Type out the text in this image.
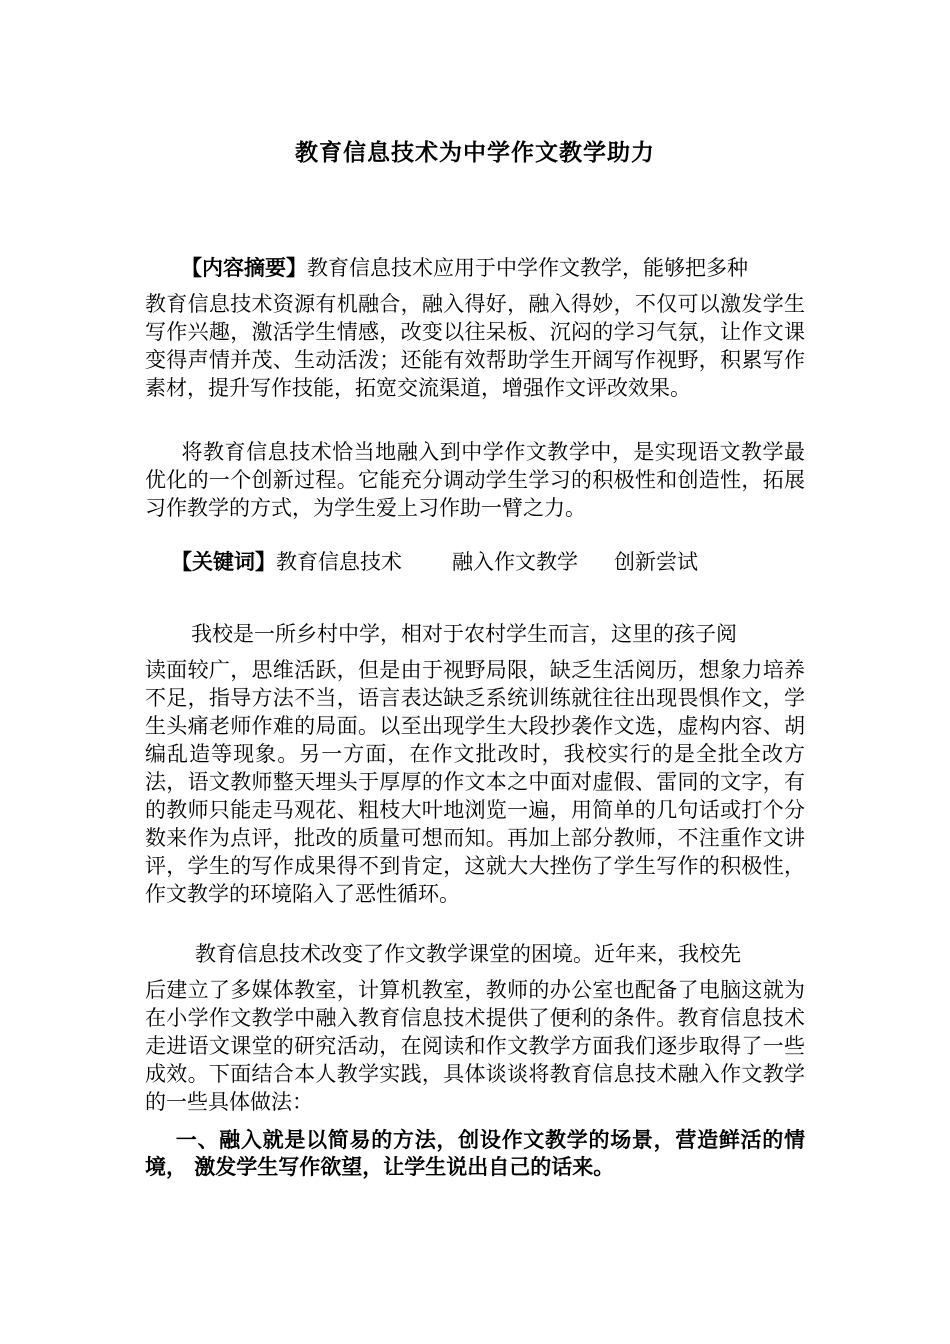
教育信息技术为中学作文教学助力
【内容摘要】教育信息技术应用于中学作文教学，能够把多种
教育信息技术资源有机融合，融入得好，融入得妙，不仅可以激发学生写作兴趣，激活学生情感，改变以往呆板、沉闷的学习气氛，让作文课变得声情并茂、生动活泼；还能有效帮助学生开阔写作视野，积累写作素材，提升写作技能，拓宽交流渠道，增强作文评改效果。
将教育信息技术恰当地融入到中学作文教学中，是实现语文教学最优化的一个创新过程。它能充分调动学生学习的积极性和创造性，拓展习作教学的方式，为学生爱上习作助一臂之力。
【关键词】教育信息技术 融入作文教学 创新尝试
我校是一所乡村中学，相对于农村学生而言，这里的孩子阅
读面较广，思维活跃，但是由于视野局限，缺乏生活阅历，想象力培养不足，指导方法不当，语言表达缺乏系统训练就往往出现畏惧作文，学生头痛老师作难的局面。以至出现学生大段抄袭作文选，虚构内容、胡编乱造等现象。另一方面，在作文批改时，我校实行的是全批全改方法，语文教师整天埋头于厚厚的作文本之中面对虚假、雷同的文字，有的教师只能走马观花、粗枝大叶地浏览一遍，用简单的几句话或打个分数来作为点评，批改的质量可想而知。再加上部分教师，不注重作文讲评，学生的写作成果得不到肯定，这就大大挫伤了学生写作的积极性，作文教学的环境陷入了恶性循环。
教育信息技术改变了作文教学课堂的困境。近年来，我校先
后建立了多媒体教室，计算机教室，教师的办公室也配备了电脑这就为在小学作文教学中融入教育信息技术提供了便利的条件。教育信息技术走进语文课堂的研究活动，在阅读和作文教学方面我们逐步取得了一些成效。下面结合本人教学实践，具体谈谈将教育信息技术融入作文教学的一些具体做法：
一、融入就是以简易的方法，创设作文教学的场景，营造鲜活的情境， 激发学生写作欲望，让学生说出自己的话来。
